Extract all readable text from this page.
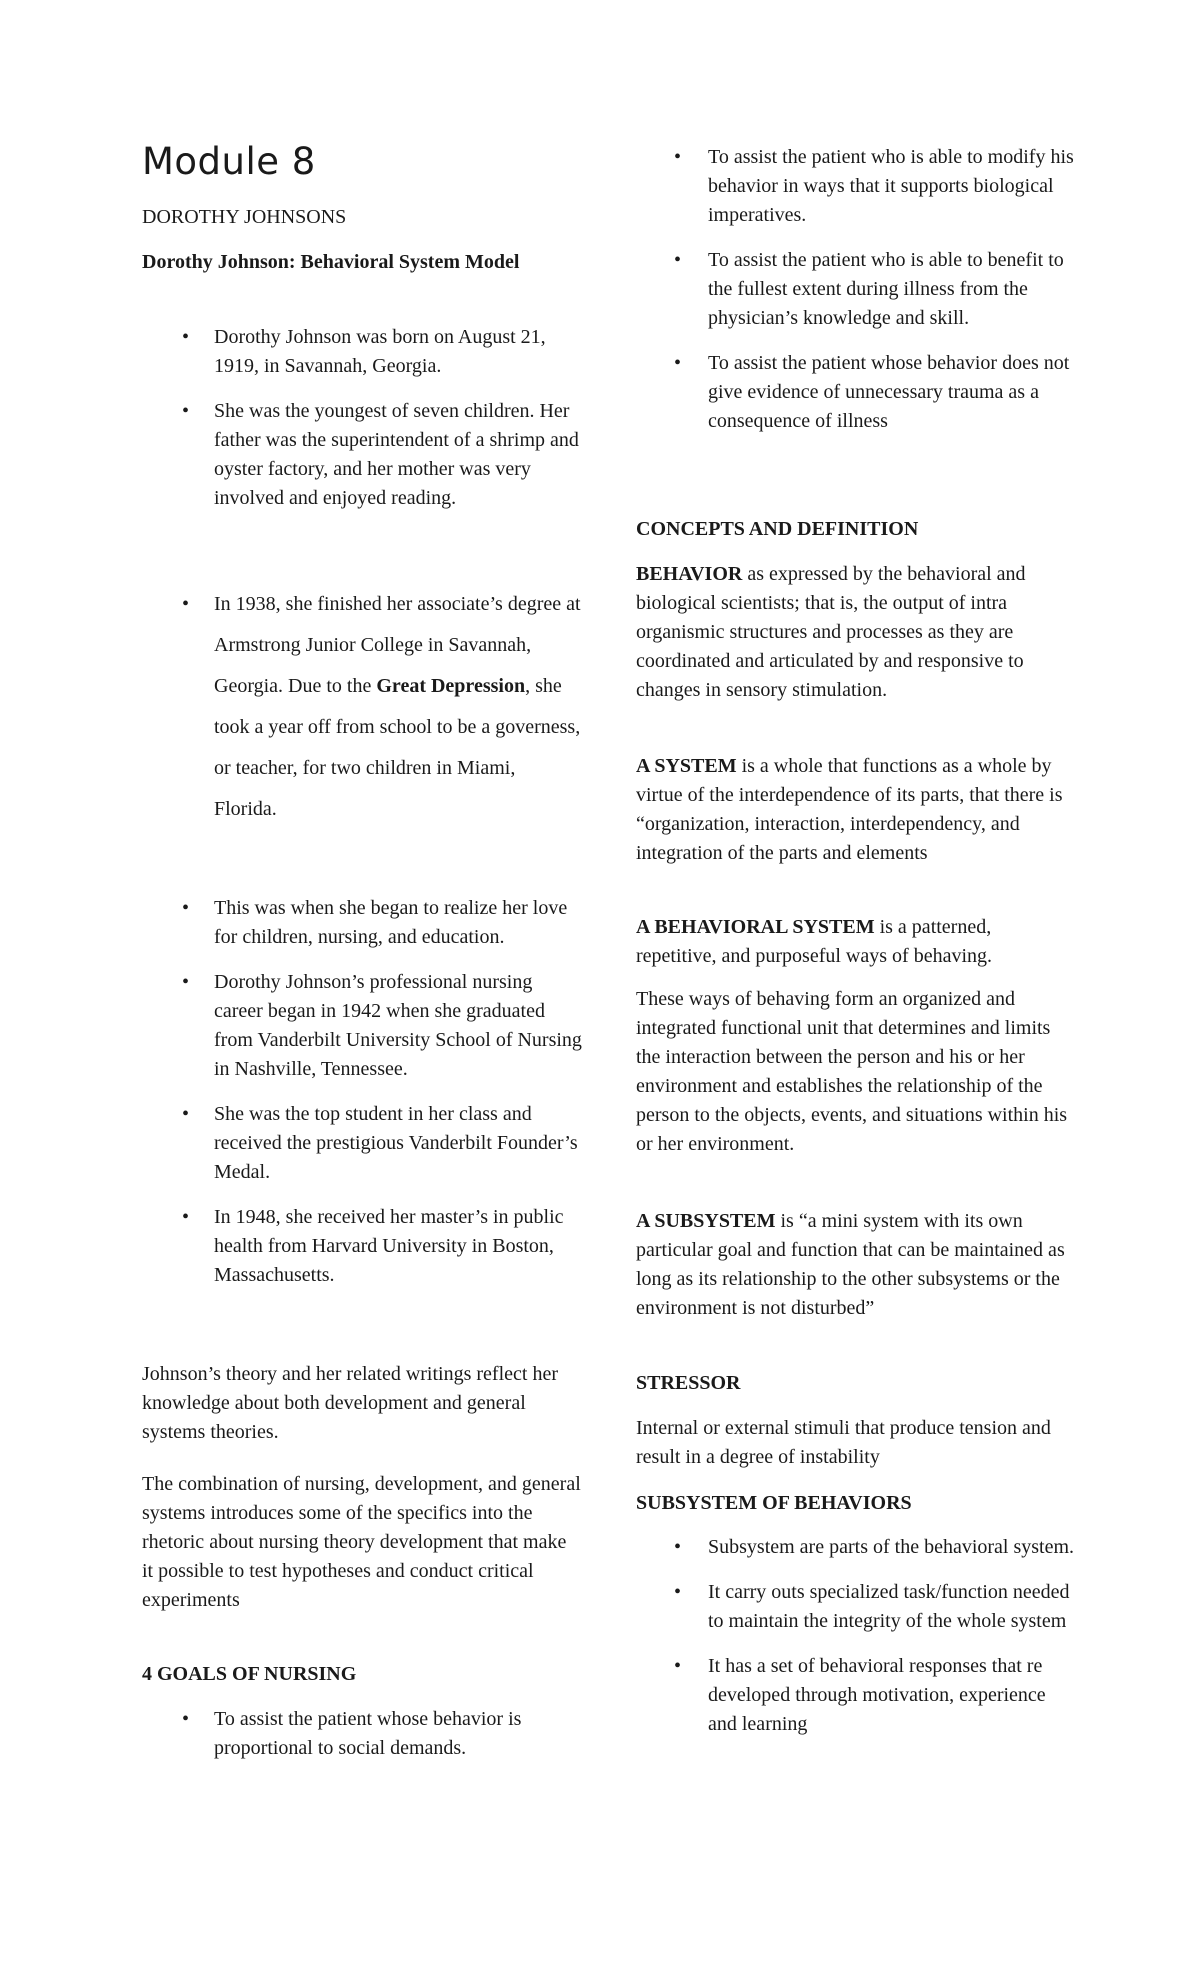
Module 8

DOROTHY JOHNSONS

Dorothy Johnson: Behavioral System Model

• Dorothy Johnson was born on August 21, 1919, in Savannah, Georgia.
• She was the youngest of seven children. Her father was the superintendent of a shrimp and oyster factory, and her mother was very involved and enjoyed reading.
• In 1938, she finished her associate’s degree at Armstrong Junior College in Savannah, Georgia. Due to the Great Depression, she took a year off from school to be a governess, or teacher, for two children in Miami, Florida.
• This was when she began to realize her love for children, nursing, and education.
• Dorothy Johnson’s professional nursing career began in 1942 when she graduated from Vanderbilt University School of Nursing in Nashville, Tennessee.
• She was the top student in her class and received the prestigious Vanderbilt Founder’s Medal.
• In 1948, she received her master’s in public health from Harvard University in Boston, Massachusetts.

Johnson’s theory and her related writings reflect her knowledge about both development and general systems theories.

The combination of nursing, development, and general systems introduces some of the specifics into the rhetoric about nursing theory development that make it possible to test hypotheses and conduct critical experiments

4 GOALS OF NURSING

• To assist the patient whose behavior is proportional to social demands.
• To assist the patient who is able to modify his behavior in ways that it supports biological imperatives.
• To assist the patient who is able to benefit to the fullest extent during illness from the physician’s knowledge and skill.
• To assist the patient whose behavior does not give evidence of unnecessary trauma as a consequence of illness

CONCEPTS AND DEFINITION

BEHAVIOR as expressed by the behavioral and biological scientists; that is, the output of intra organismic structures and processes as they are coordinated and articulated by and responsive to changes in sensory stimulation.

A SYSTEM is a whole that functions as a whole by virtue of the interdependence of its parts, that there is “organization, interaction, interdependency, and integration of the parts and elements

A BEHAVIORAL SYSTEM is a patterned, repetitive, and purposeful ways of behaving.

These ways of behaving form an organized and integrated functional unit that determines and limits the interaction between the person and his or her environment and establishes the relationship of the person to the objects, events, and situations within his or her environment.

A SUBSYSTEM is “a mini system with its own particular goal and function that can be maintained as long as its relationship to the other subsystems or the environment is not disturbed”

STRESSOR

Internal or external stimuli that produce tension and result in a degree of instability

SUBSYSTEM OF BEHAVIORS

• Subsystem are parts of the behavioral system.
• It carry outs specialized task/function needed to maintain the integrity of the whole system
• It has a set of behavioral responses that re developed through motivation, experience and learning
